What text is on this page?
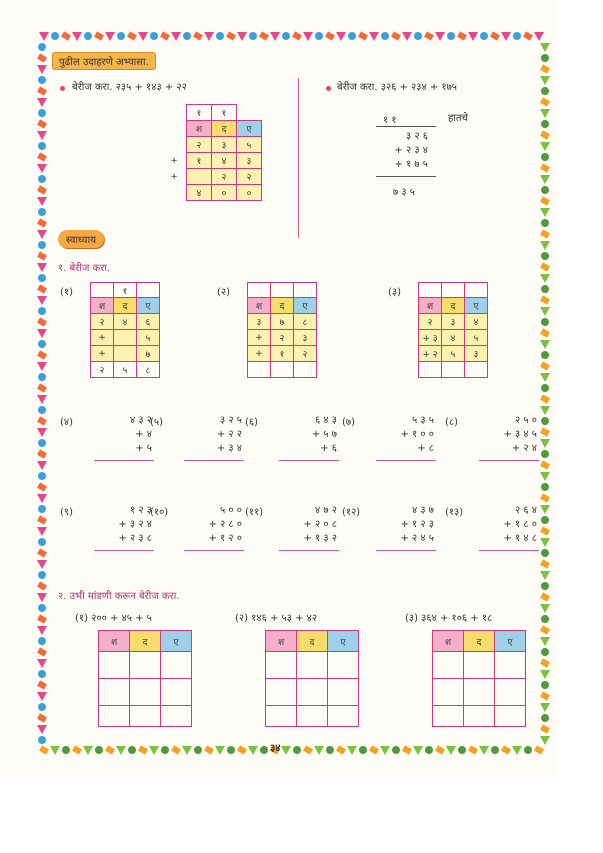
पुढील उदाहरणे अभ्यासा.
बेरीज करा. २३५ + १४३ + २२
	१	१	
	श	द	ए
	२	३	५
+	१	४	३
+		२	२
	४	०	०
बेरीज करा. ३२६ + २३४ + १७५
हातचे
१ १
३ २ ६
+ २ ३ ४
+ १ ७ ५
७ ३ ५
स्वाध्याय
१. बेरीज करा.
(१)
		१	
श	द	ए
२	४	६
+		५
+		७
२	५	८
(२)

श	द	ए
३	७	८
+	२	३
+	१	२

(३)

श	द	ए
२	३	४
+ ३	४	५
+ २	५	३

(४)	४ ३ २
+ ४
+ ५
(५)	३ २ ५
+ २ २
+ ३ ४
(६)	६ ४ ३
+ ५ ७
+ ६
(७)	५ ३ ५
+ १ ० ०
+ ८
(८)	२ ५ ०
+ ३ ४ ५
+ २ ४
(९)	१ २ ३
+ ३ २ ४
+ २ ३ ८
(१०)	५ ० ०
+ २ ८ ०
+ १ २ ०
(११)	४ ७ २
+ २ ० ८
+ १ ३ २
(१२)	४ ३ ७
+ १ २ ३
+ २ ४ ५
(१३)	२ ६ ४
+ १ ८ ०
+ १ ४ ८
२. उभी मांडणी करून बेरीज करा.
(१) २०० + ४५ + ५
श	द	ए

(२) १४६ + ५३ + ४२
श	द	ए

(३) ३६४ + १०६ + १८
श	द	ए

३४
